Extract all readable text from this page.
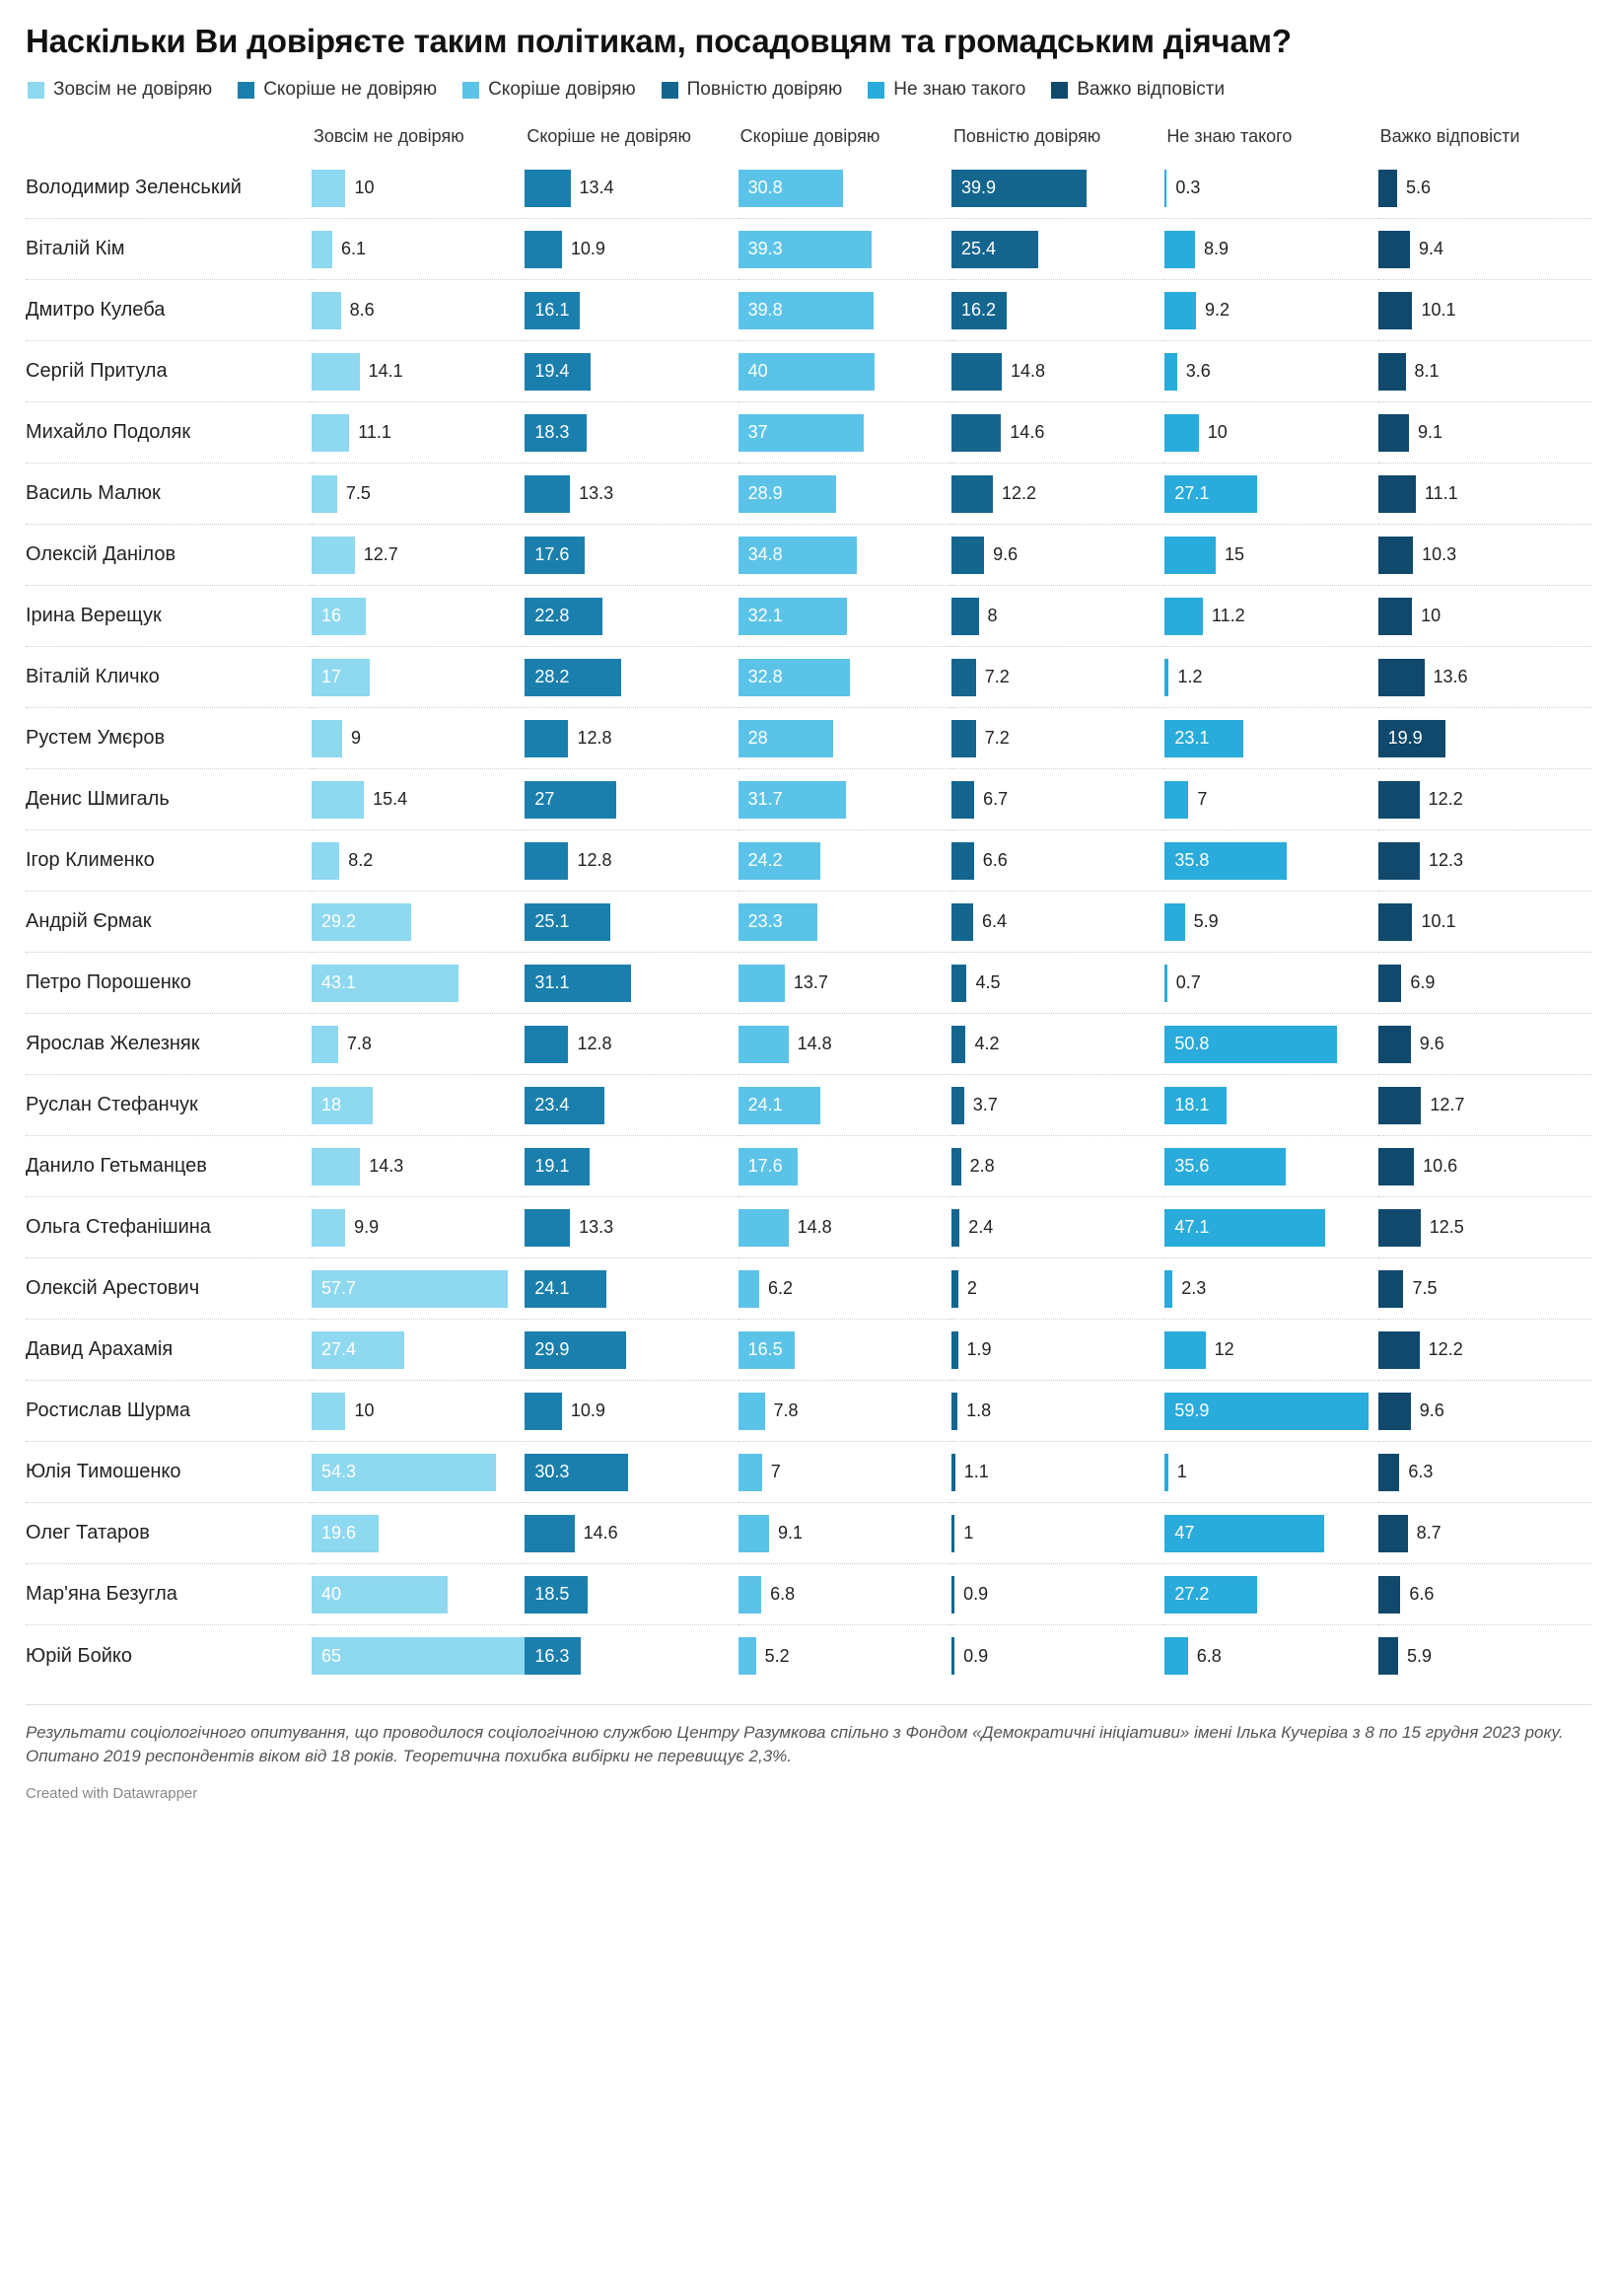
Наскільки Ви довіряєте таким політикам, посадовцям та громадським діячам?
Зовсім не довіряю	Скоріше не довіряю	Скоріше довіряю	Повністю довіряю	Не знаю такого	Важко відповісти

	Зовсім не довіряю	Скоріше не довіряю	Скоріше довіряю	Повністю довіряю	Не знаю такого	Важко відповісти

Володимир Зеленський	10	13.4	30.8	39.9	0.3	5.6

Віталій Кім	6.1	10.9	39.3	25.4	8.9	9.4

Дмитро Кулеба	8.6	16.1	39.8	16.2	9.2	10.1

Сергій Притула	14.1	19.4	40	14.8	3.6	8.1

Михайло Подоляк	11.1	18.3	37	14.6	10	9.1

Василь Малюк	7.5	13.3	28.9	12.2	27.1	11.1

Олексій Данілов	12.7	17.6	34.8	9.6	15	10.3

Ірина Верещук	16	22.8	32.1	8	11.2	10

Віталій Кличко	17	28.2	32.8	7.2	1.2	13.6

Рустем Умєров	9	12.8	28	7.2	23.1	19.9

Денис Шмигаль	15.4	27	31.7	6.7	7	12.2

Ігор Клименко	8.2	12.8	24.2	6.6	35.8	12.3

Андрій Єрмак	29.2	25.1	23.3	6.4	5.9	10.1

Петро Порошенко	43.1	31.1	13.7	4.5	0.7	6.9

Ярослав Железняк	7.8	12.8	14.8	4.2	50.8	9.6

Руслан Стефанчук	18	23.4	24.1	3.7	18.1	12.7

Данило Гетьманцев	14.3	19.1	17.6	2.8	35.6	10.6

Ольга Стефанішина	9.9	13.3	14.8	2.4	47.1	12.5

Олексій Арестович	57.7	24.1	6.2	2	2.3	7.5

Давид Арахамія	27.4	29.9	16.5	1.9	12	12.2

Ростислав Шурма	10	10.9	7.8	1.8	59.9	9.6

Юлія Тимошенко	54.3	30.3	7	1.1	1	6.3

Олег Татаров	19.6	14.6	9.1	1	47	8.7

Мар'яна Безугла	40	18.5	6.8	0.9	27.2	6.6

Юрій Бойко	65	16.3	5.2	0.9	6.8	5.9

Результати соціологічного опитування, що проводилося соціологічною службою Центру Разумкова спільно з Фондом «Демократичні ініціативи» імені Ілька Кучеріва з 8 по 15 грудня 2023 року. Опитано 2019 респондентів віком від 18 років. Теоретична похибка вибірки не перевищує 2,3%.

Created with Datawrapper
